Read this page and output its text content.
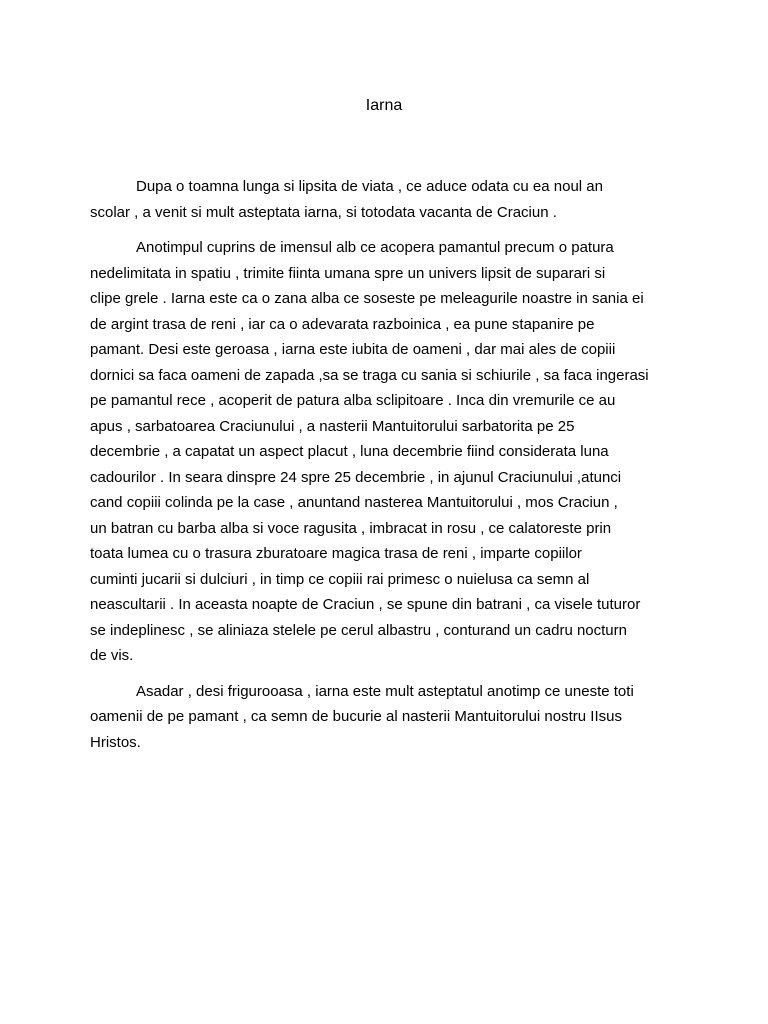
Iarna

Dupa o toamna lunga si lipsita de viata , ce aduce odata cu ea noul an
scolar , a venit si mult asteptata iarna, si totodata vacanta de Craciun .

Anotimpul cuprins de imensul alb ce acopera pamantul precum o patura
nedelimitata in spatiu , trimite fiinta umana spre un univers lipsit de suparari si
clipe grele . Iarna este ca o zana alba ce soseste pe meleagurile noastre in sania ei
de argint trasa de reni , iar ca o adevarata razboinica , ea pune stapanire pe
pamant. Desi este geroasa , iarna este iubita de oameni , dar mai ales de copiii
dornici sa faca oameni de zapada ,sa se traga cu sania si schiurile , sa faca ingerasi
pe pamantul rece , acoperit de patura alba sclipitoare . Inca din vremurile ce au
apus , sarbatoarea Craciunului , a nasterii Mantuitorului sarbatorita pe 25
decembrie , a capatat un aspect placut , luna decembrie fiind considerata luna
cadourilor . In seara dinspre 24 spre 25 decembrie , in ajunul Craciunului ,atunci
cand copiii colinda pe la case , anuntand nasterea Mantuitorului , mos Craciun ,
un batran cu barba alba si voce ragusita , imbracat in rosu , ce calatoreste prin
toata lumea cu o trasura zburatoare magica trasa de reni , imparte copiilor
cuminti jucarii si dulciuri , in timp ce copiii rai primesc o nuielusa ca semn al
neascultarii . In aceasta noapte de Craciun , se spune din batrani , ca visele tuturor
se indeplinesc , se aliniaza stelele pe cerul albastru , conturand un cadru nocturn
de vis.

Asadar , desi frigurooasa , iarna este mult asteptatul anotimp ce uneste toti
oamenii de pe pamant , ca semn de bucurie al nasterii Mantuitorului nostru IIsus
Hristos.
